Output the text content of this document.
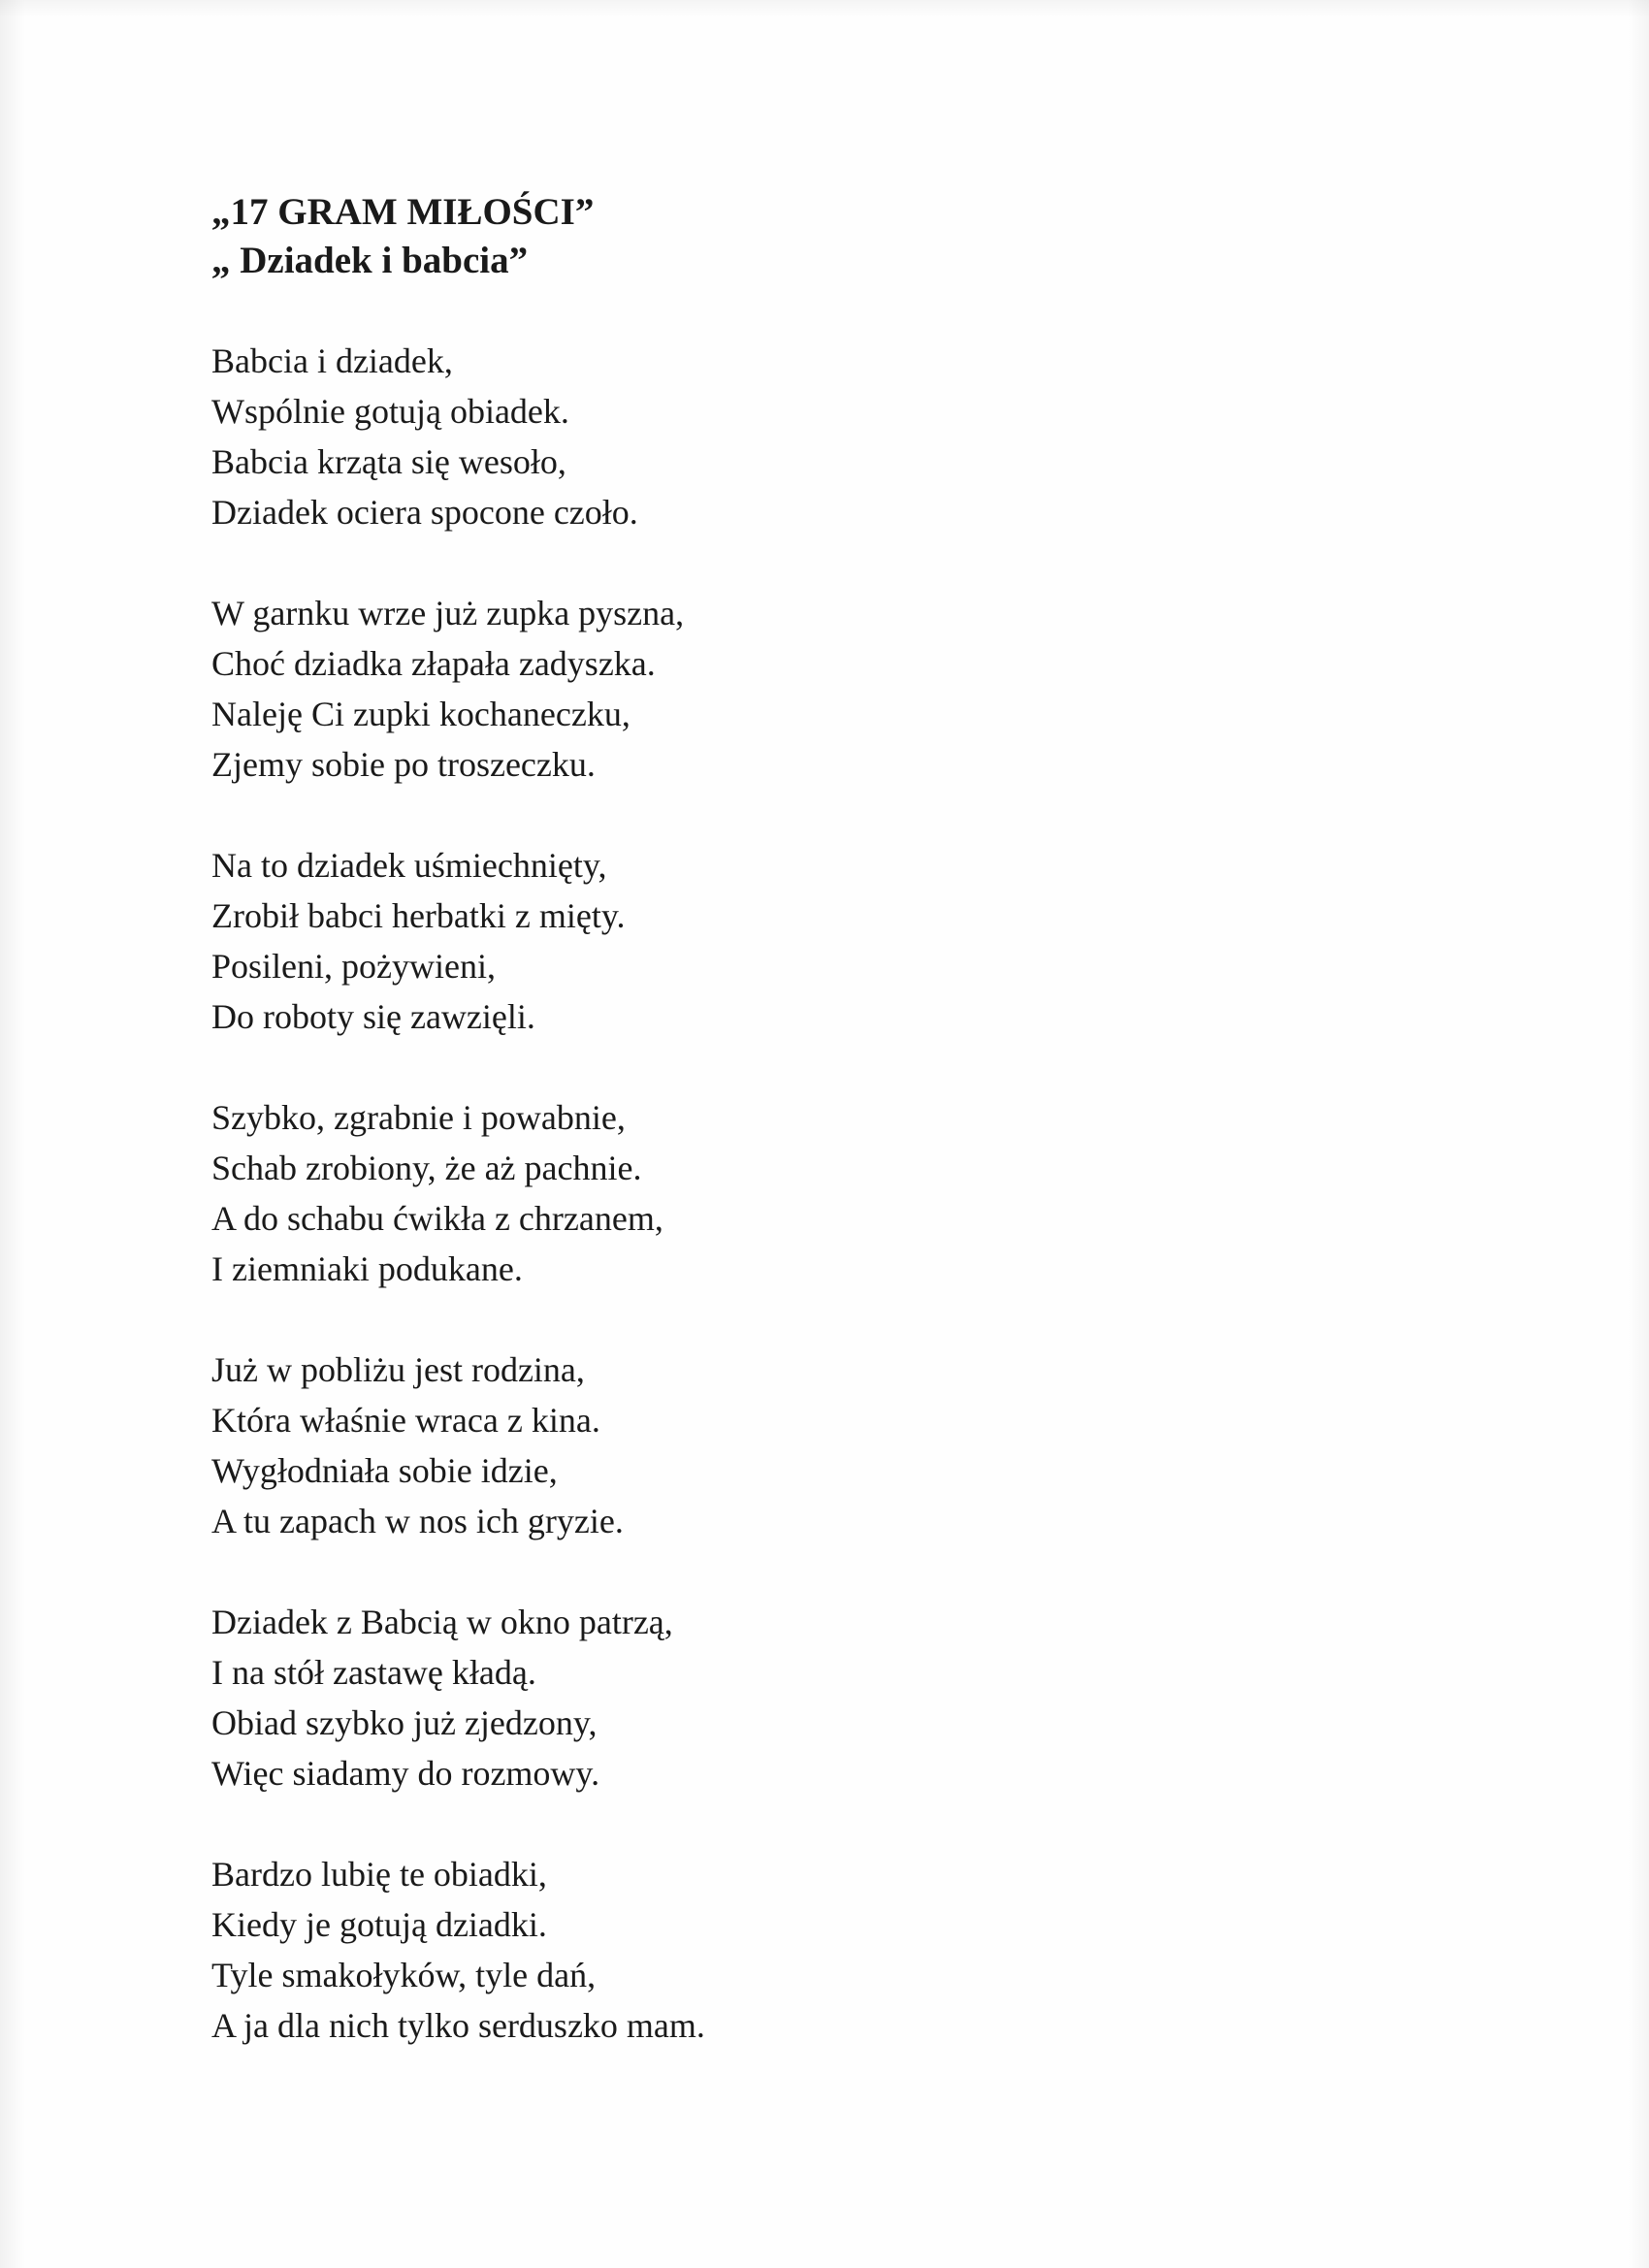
„17 GRAM MIŁOŚCI”

„ Dziadek i babcia”

Babcia i dziadek,
Wspólnie gotują obiadek.
Babcia krząta się wesoło,
Dziadek ociera spocone czoło.
W garnku wrze już zupka pyszna,
Choć dziadka złapała zadyszka.
Naleję Ci zupki kochaneczku,
Zjemy sobie po troszeczku.
Na to dziadek uśmiechnięty,
Zrobił babci herbatki z mięty.
Posileni, pożywieni,
Do roboty się zawzięli.
Szybko, zgrabnie i powabnie,
Schab zrobiony, że aż pachnie.
A do schabu ćwikła z chrzanem,
I ziemniaki podukane.
Już w pobliżu jest rodzina,
Która właśnie wraca z kina.
Wygłodniała sobie idzie,
A tu zapach w nos ich gryzie.
Dziadek z Babcią w okno patrzą,
I na stół zastawę kładą.
Obiad szybko już zjedzony,
Więc siadamy do rozmowy.
Bardzo lubię te obiadki,
Kiedy je gotują dziadki.
Tyle smakołyków, tyle dań,
A ja dla nich tylko serduszko mam.
